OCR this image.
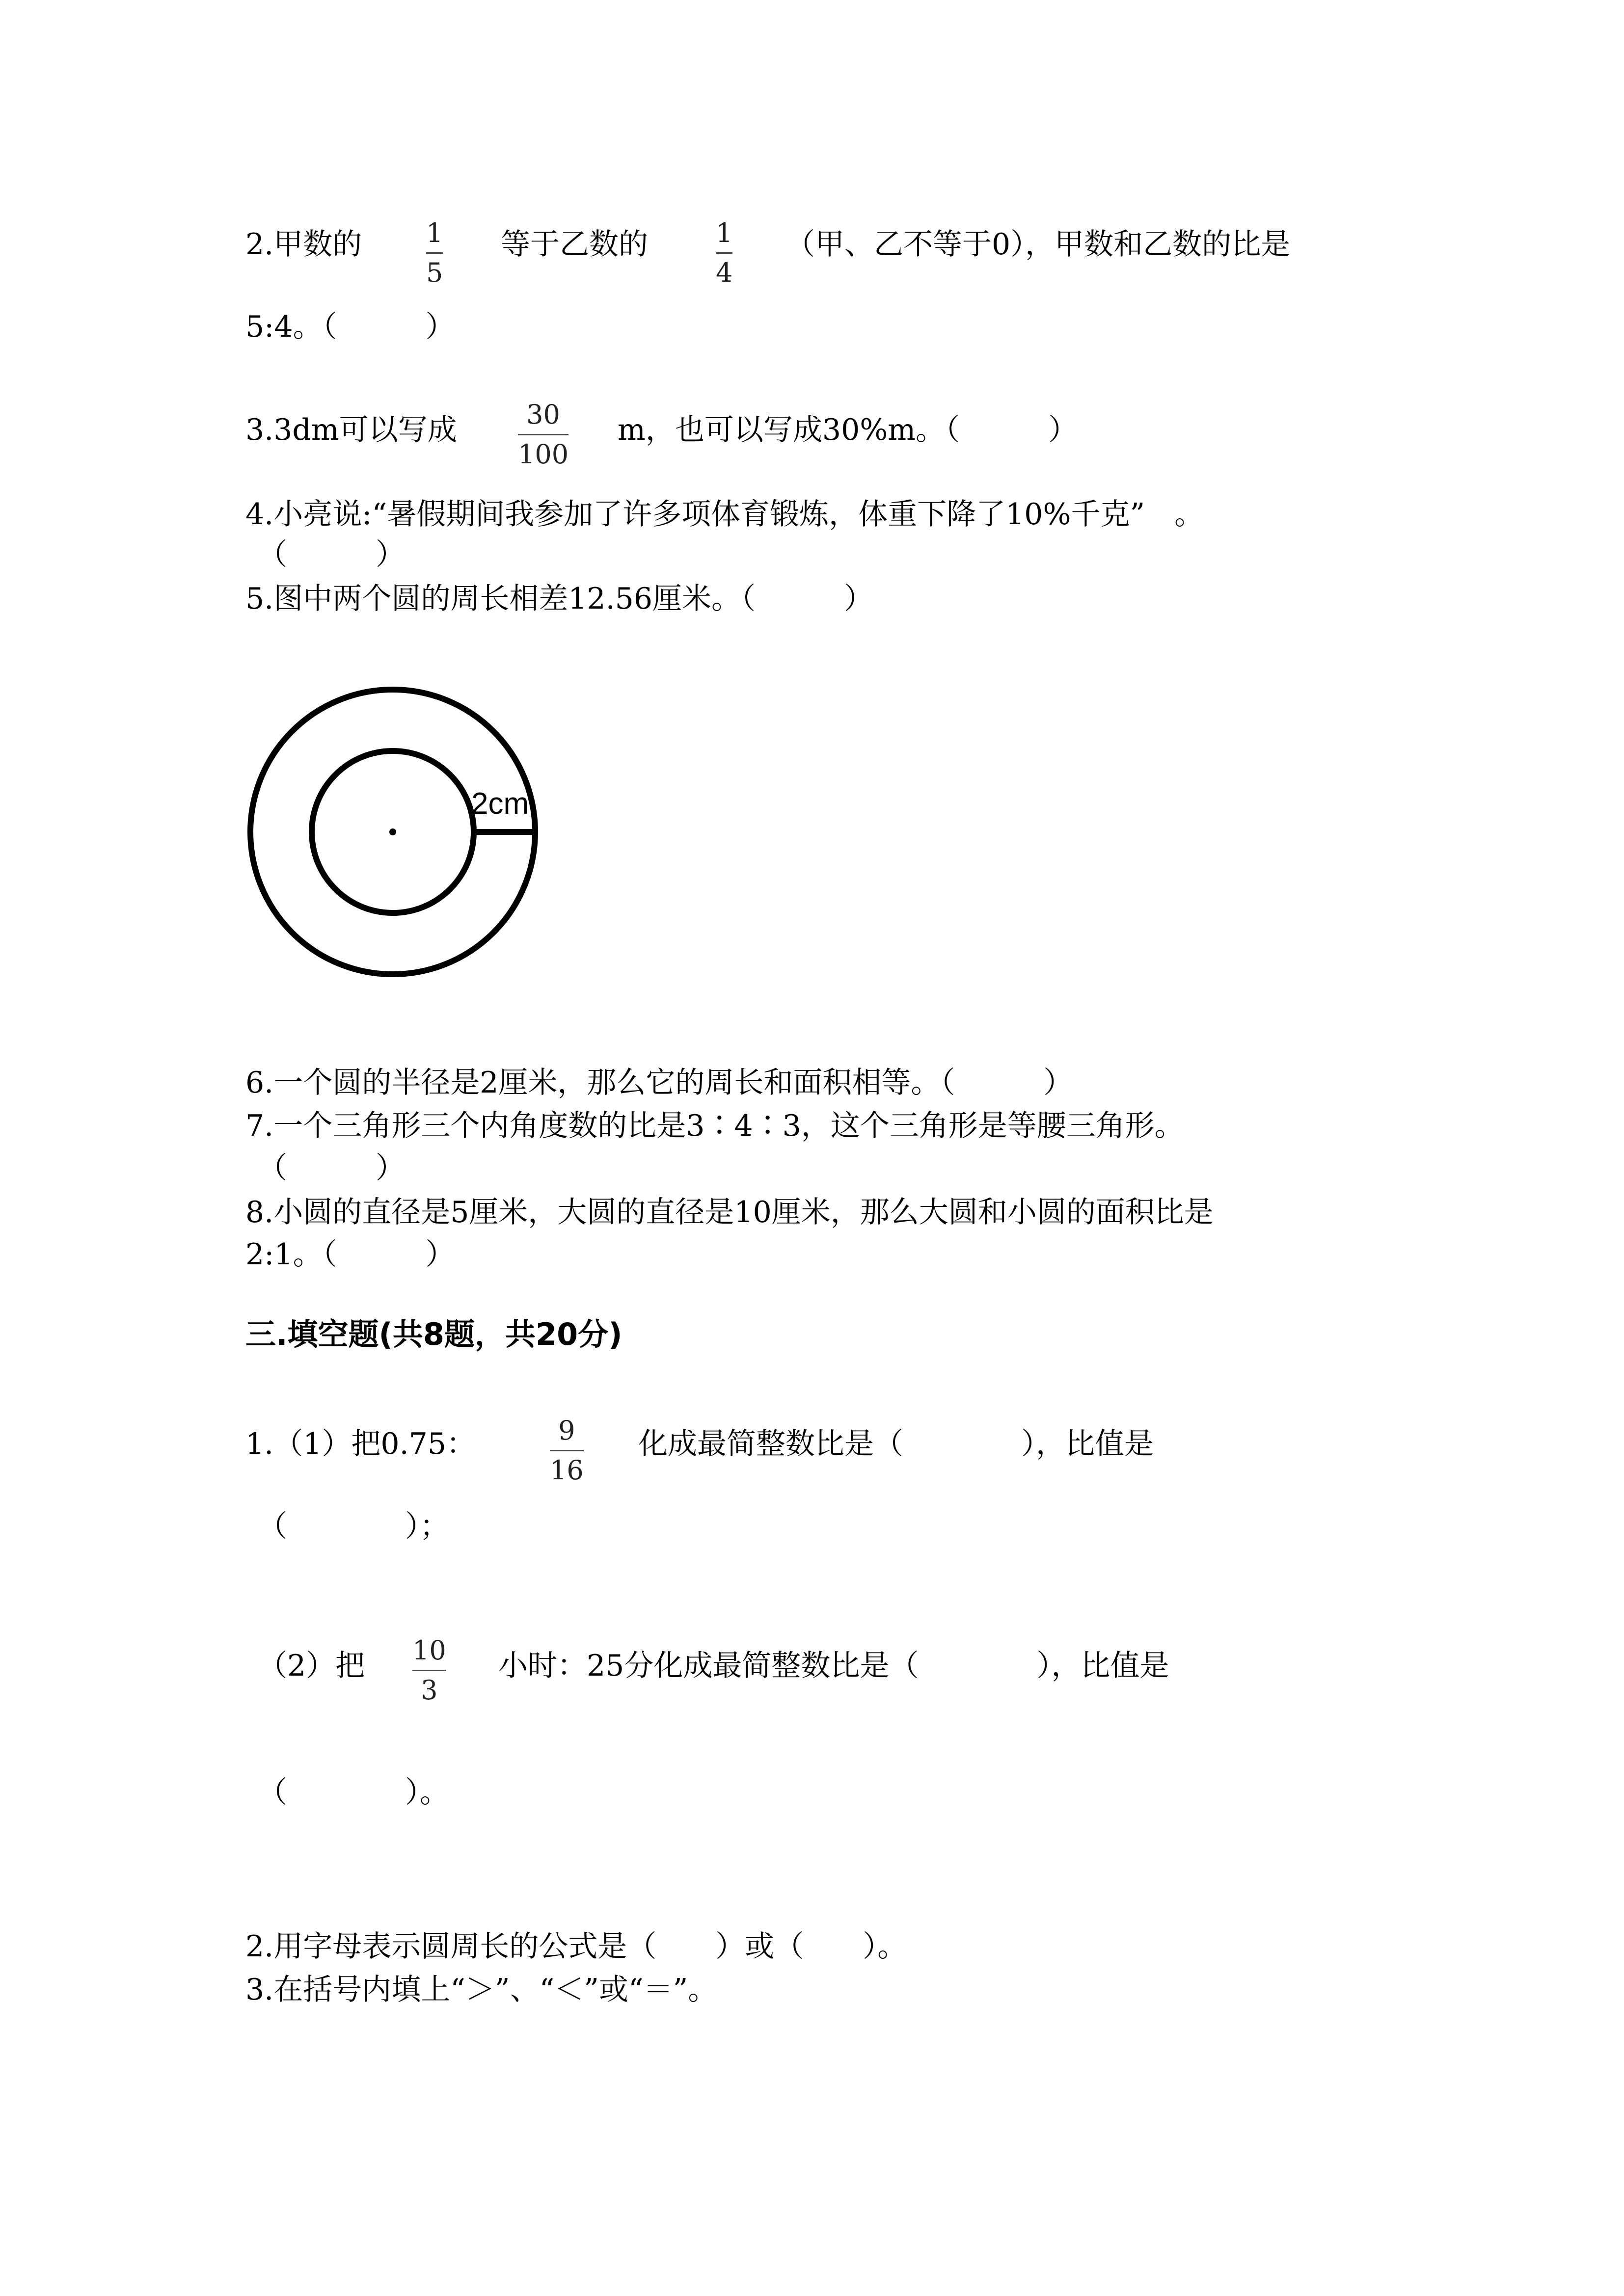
2.甲数的 1
5
等于乙数的	1
4
（甲、乙不等于0），甲数和乙数的比是
5:4。（　　　）
3.3dm可以写成	30
100
m，也可以写成30%m。（　　　）
4.小亮说:“暑假期间我参加了许多项体育锻炼，体重下降了10%千克”　。
（　　　）
5.图中两个圆的周长相差12.56厘米。（　　　）
2cm
6.一个圆的半径是2厘米，那么它的周长和面积相等。（　　　）
7.一个三角形三个内角度数的比是3∶4∶3，这个三角形是等腰三角形。
（　　　）
8.小圆的直径是5厘米，大圆的直径是10厘米，那么大圆和小圆的面积比是
2:1。（　　　）
三.填空题(共8题，共20分)
1.（1）把0.75：	9
16
化成最简整数比是（　　　　），比值是
（　　　　）；
（2）把 10
3
小时：25分化成最简整数比是（　　　　），比值是
（　　　　）。
2.用字母表示圆周长的公式是（　　）或（　　）。
3.在括号内填上“＞”、“＜”或“＝”。
